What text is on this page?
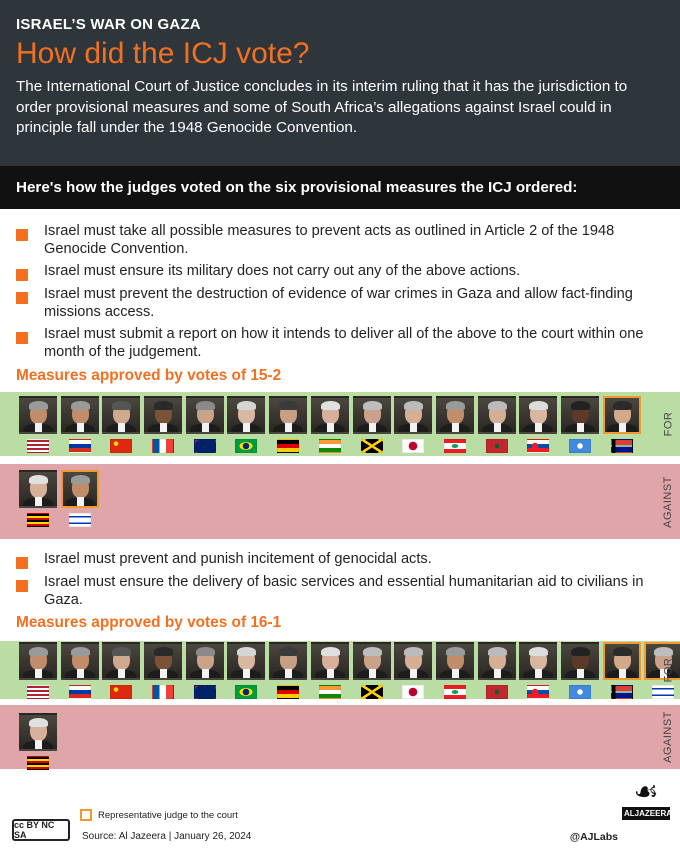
ISRAEL’S WAR ON GAZA
How did the ICJ vote?
The International Court of Justice concludes in its interim ruling that it has the jurisdiction to order provisional measures and some of South Africa’s allegations against Israel could in principle fall under the 1948 Genocide Convention.
Here's how the judges voted on the six provisional measures the ICJ ordered:
Israel must take all possible measures to prevent acts as outlined in Article 2 of the 1948 Genocide Convention.
Israel must ensure its military does not carry out any of the above actions.
Israel must prevent the destruction of evidence of war crimes in Gaza and allow fact-finding missions access.
Israel must submit a report on how it intends to deliver all of the above to the court within one month of the judgement.
Measures approved by votes of 15-2
FOR
AGAINST
Israel must prevent and punish incitement of genocidal acts.
Israel must ensure the delivery of basic services and essential humanitarian aid to civilians in Gaza.
Measures approved by votes of 16-1
FOR
AGAINST
cc BY NC SA
Representative judge to the court
Source: Al Jazeera | January 26, 2024	@AJLabs
☙
ALJAZEERA
